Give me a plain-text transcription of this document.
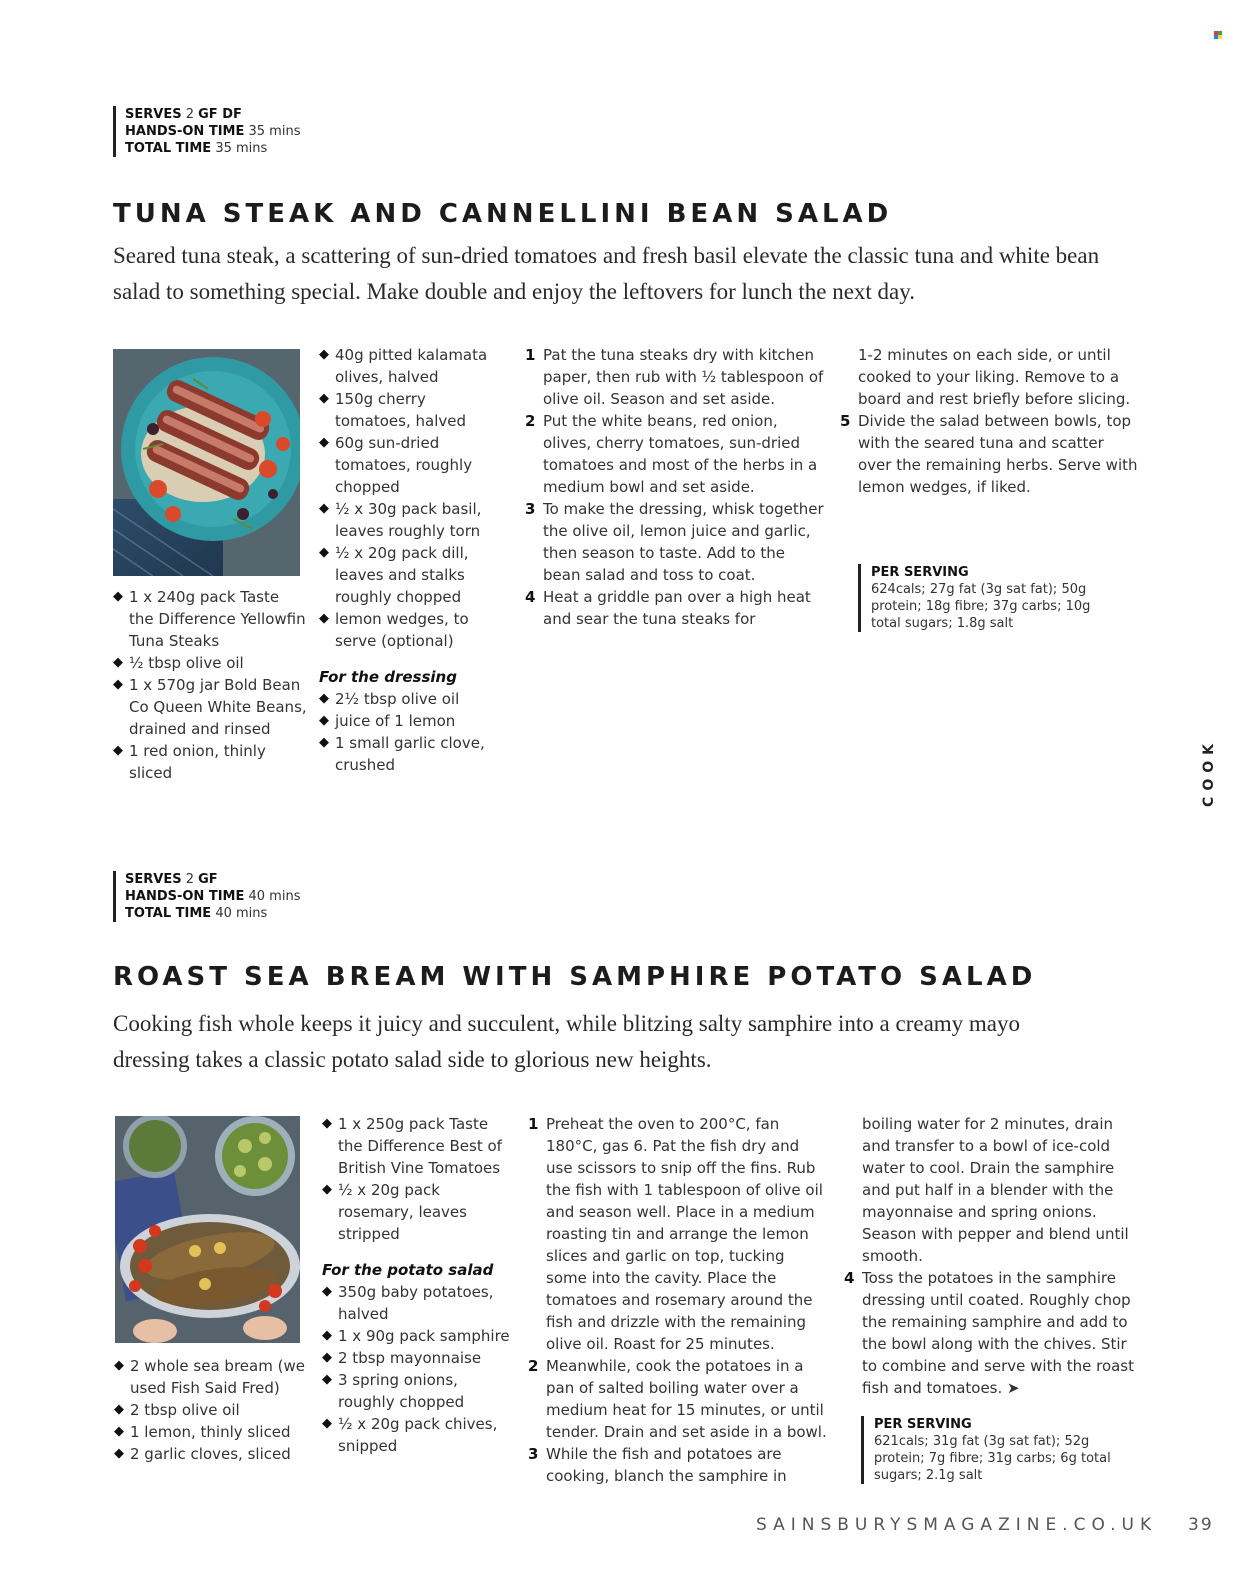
SERVES 2 GF DF
HANDS-ON TIME 35 mins
TOTAL TIME 35 mins
TUNA STEAK AND CANNELLINI BEAN SALAD

Seared tuna steak, a scattering of sun-dried tomatoes and fresh basil elevate the classic tuna and white bean salad to something special. Make double and enjoy the leftovers for lunch the next day.

◆ 1 x 240g pack Taste the Difference Yellowfin Tuna Steaks
◆ ½ tbsp olive oil
◆ 1 x 570g jar Bold Bean Co Queen White Beans, drained and rinsed
◆ 1 red onion, thinly sliced
◆ 40g pitted kalamata olives, halved
◆ 150g cherry tomatoes, halved
◆ 60g sun-dried tomatoes, roughly chopped
◆ ½ x 30g pack basil, leaves roughly torn
◆ ½ x 20g pack dill, leaves and stalks roughly chopped
◆ lemon wedges, to serve (optional)
For the dressing
◆ 2½ tbsp olive oil
◆ juice of 1 lemon
◆ 1 small garlic clove, crushed
1 Pat the tuna steaks dry with kitchen paper, then rub with ½ tablespoon of olive oil. Season and set aside.
2 Put the white beans, red onion, olives, cherry tomatoes, sun-dried tomatoes and most of the herbs in a medium bowl and set aside.
3 To make the dressing, whisk together the olive oil, lemon juice and garlic, then season to taste. Add to the bean salad and toss to coat.
4 Heat a griddle pan over a high heat and sear the tuna steaks for

1-2 minutes on each side, or until cooked to your liking. Remove to a board and rest briefly before slicing.

5 Divide the salad between bowls, top with the seared tuna and scatter over the remaining herbs. Serve with lemon wedges, if liked.
PER SERVING
624cals; 27g fat (3g sat fat); 50g protein; 18g fibre; 37g carbs; 10g total sugars; 1.8g salt
COOK
SERVES 2 GF
HANDS-ON TIME 40 mins
TOTAL TIME 40 mins
ROAST SEA BREAM WITH SAMPHIRE POTATO SALAD

Cooking fish whole keeps it juicy and succulent, while blitzing salty samphire into a creamy mayo dressing takes a classic potato salad side to glorious new heights.

◆ 2 whole sea bream (we used Fish Said Fred)
◆ 2 tbsp olive oil
◆ 1 lemon, thinly sliced
◆ 2 garlic cloves, sliced
◆ 1 x 250g pack Taste the Difference Best of British Vine Tomatoes
◆ ½ x 20g pack rosemary, leaves stripped
For the potato salad
◆ 350g baby potatoes, halved
◆ 1 x 90g pack samphire
◆ 2 tbsp mayonnaise
◆ 3 spring onions, roughly chopped
◆ ½ x 20g pack chives, snipped
1 Preheat the oven to 200°C, fan 180°C, gas 6. Pat the fish dry and use scissors to snip off the fins. Rub the fish with 1 tablespoon of olive oil and season well. Place in a medium roasting tin and arrange the lemon slices and garlic on top, tucking some into the cavity. Place the tomatoes and rosemary around the fish and drizzle with the remaining olive oil. Roast for 25 minutes.
2 Meanwhile, cook the potatoes in a pan of salted boiling water over a medium heat for 15 minutes, or until tender. Drain and set aside in a bowl.
3 While the fish and potatoes are cooking, blanch the samphire in

boiling water for 2 minutes, drain and transfer to a bowl of ice-cold water to cool. Drain the samphire and put half in a blender with the mayonnaise and spring onions. Season with pepper and blend until smooth.

4 Toss the potatoes in the samphire dressing until coated. Roughly chop the remaining samphire and add to the bowl along with the chives. Stir to combine and serve with the roast fish and tomatoes. ➤
PER SERVING
621cals; 31g fat (3g sat fat); 52g protein; 7g fibre; 31g carbs; 6g total sugars; 2.1g salt
SAINSBURYSMAGAZINE.CO.UK 39
